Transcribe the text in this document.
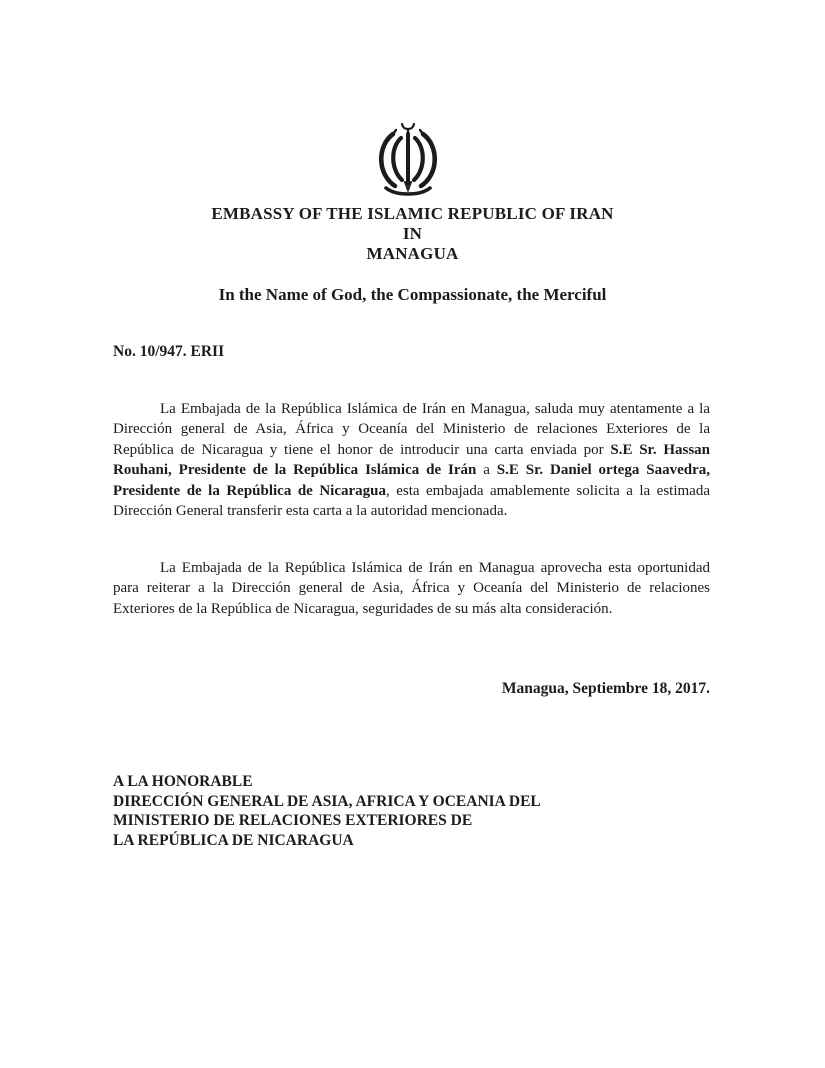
EMBASSY OF THE ISLAMIC REPUBLIC OF IRAN
IN
MANAGUA
In the Name of God, the Compassionate, the Merciful
No. 10/947. ERII
La Embajada de la República Islámica de Irán en Managua, saluda muy atentamente a la Dirección general de Asia, África y Oceanía del Ministerio de relaciones Exteriores de la República de Nicaragua y tiene el honor de introducir una carta enviada por S.E Sr. Hassan Rouhani, Presidente de la República Islámica de Irán a S.E Sr. Daniel ortega Saavedra, Presidente de la República de Nicaragua, esta embajada amablemente solicita a la estimada Dirección General transferir esta carta a la autoridad mencionada.
La Embajada de la República Islámica de Irán en Managua aprovecha esta oportunidad para reiterar a la Dirección general de Asia, África y Oceanía del Ministerio de relaciones Exteriores de la República de Nicaragua, seguridades de su más alta consideración.
Managua, Septiembre 18, 2017.
A LA HONORABLE
DIRECCIÓN GENERAL DE ASIA, AFRICA Y OCEANIA DEL
MINISTERIO DE RELACIONES EXTERIORES DE
LA REPÚBLICA DE NICARAGUA
